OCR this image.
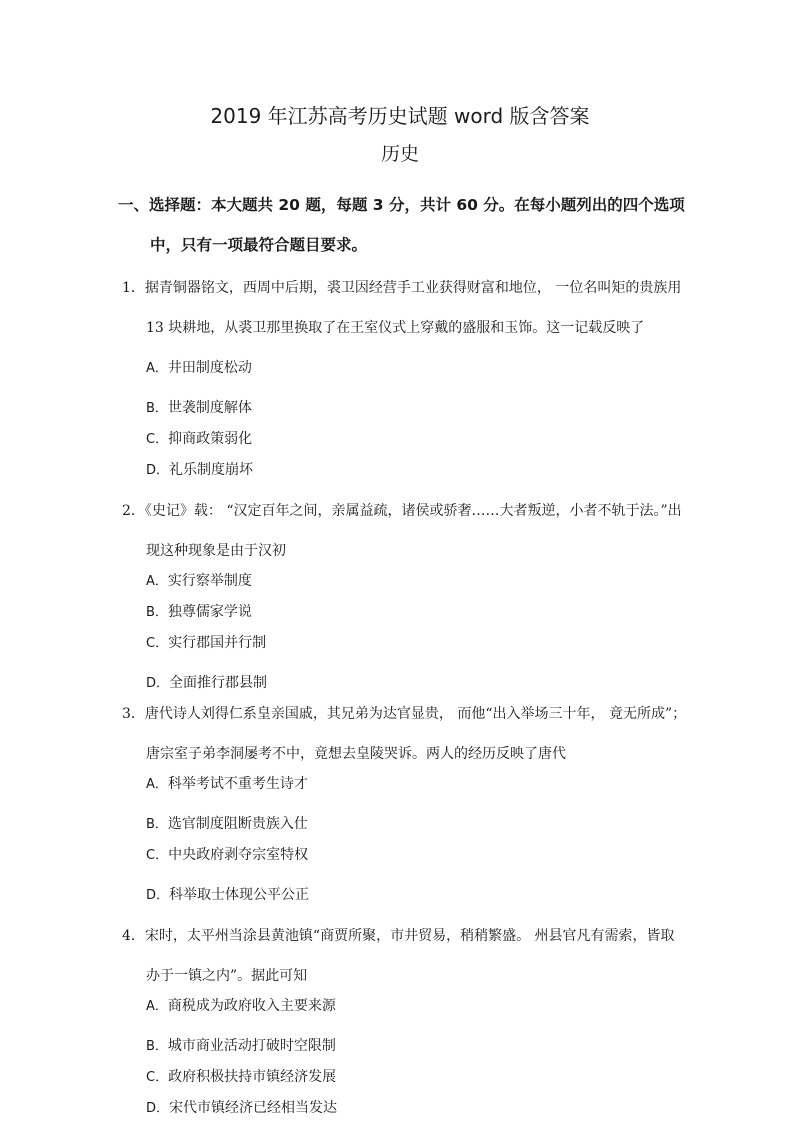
2019 年江苏高考历史试题 word 版含答案
历史
一、选择题：本大题共 20 题，每题 3 分，共计 60 分。在每小题列出的四个选项
中，只有一项最符合题目要求。
1．据青铜器铭文，西周中后期，裘卫因经营手工业获得财富和地位， 一位名叫矩的贵族用
13 块耕地，从裘卫那里换取了在王室仪式上穿戴的盛服和玉饰。这一记载反映了
A．井田制度松动
B．世袭制度解体
C．抑商政策弱化
D．礼乐制度崩坏
2．《史记》载： “汉定百年之间，亲属益疏，诸侯或骄奢……大者叛逆，小者不轨于法。”出
现这种现象是由于汉初
A．实行察举制度
B．独尊儒家学说
C．实行郡国并行制
D．全面推行郡县制
3．唐代诗人刘得仁系皇亲国戚，其兄弟为达官显贵， 而他“出入举场三十年， 竟无所成”；
唐宗室子弟李洞屡考不中，竟想去皇陵哭诉。两人的经历反映了唐代
A．科举考试不重考生诗才
B．选官制度阻断贵族入仕
C．中央政府剥夺宗室特权
D．科举取士体现公平公正
4．宋时，太平州当涂县黄池镇“商贾所聚，市井贸易，稍稍繁盛。 州县官凡有需索，皆取
办于一镇之内”。据此可知
A．商税成为政府收入主要来源
B．城市商业活动打破时空限制
C．政府积极扶持市镇经济发展
D．宋代市镇经济已经相当发达
